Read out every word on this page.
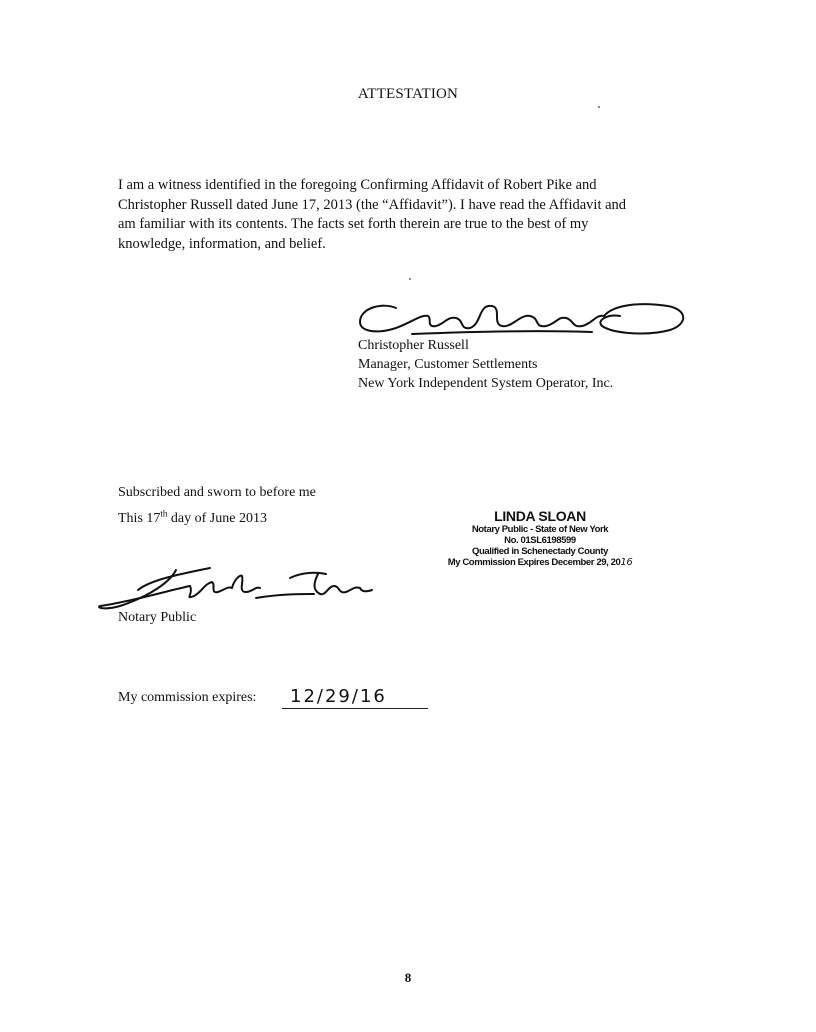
ATTESTATION
I am a witness identified in the foregoing Confirming Affidavit of Robert Pike and
Christopher Russell dated June 17, 2013 (the “Affidavit”). I have read the Affidavit and
am familiar with its contents. The facts set forth therein are true to the best of my
knowledge, information, and belief.
Christopher Russell
Manager, Customer Settlements
New York Independent System Operator, Inc.
Subscribed and sworn to before me
This 17th day of June 2013	LINDA SLOAN
Notary Public - State of New York
No. 01SL6198599
Qualified in Schenectady County
My Commission Expires December 29, 2016
Notary Public
My commission expires: 12/29/16
8
